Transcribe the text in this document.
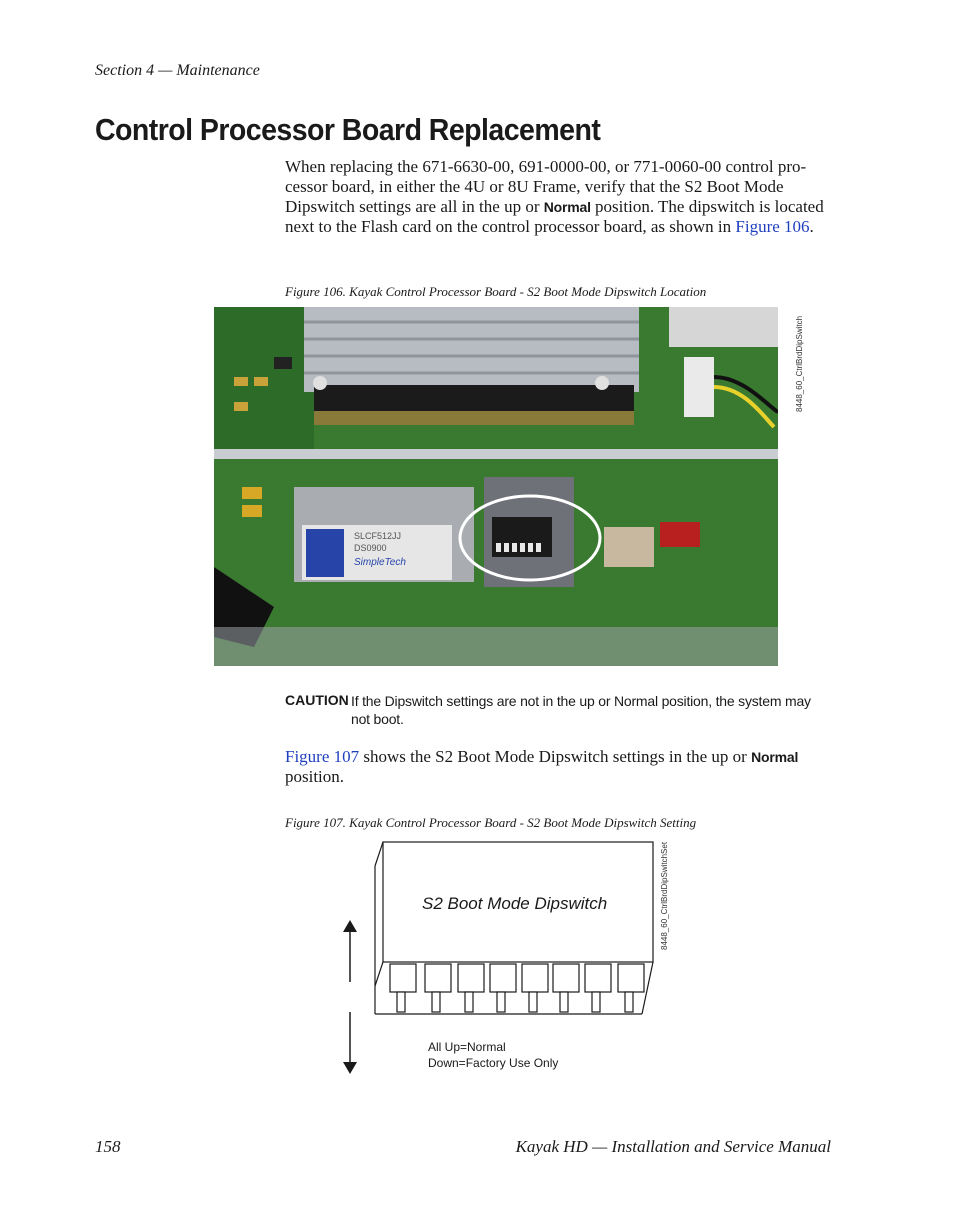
Section 4 — Maintenance
Control Processor Board Replacement

When replacing the 671-6630-00, 691-0000-00, or 771-0060-00 control pro-cessor board, in either the 4U or 8U Frame, verify that the S2 Boot Mode Dipswitch settings are all in the up or Normal position. The dipswitch is located next to the Flash card on the control processor board, as shown in Figure 106.

Figure 106. Kayak Control Processor Board - S2 Boot Mode Dipswitch Location
SLCF512JJ
DS0900
SimpleTech
8448_60_CtrlBrdDipSwitch
CAUTION If the Dipswitch settings are not in the up or Normal position, the system may not boot.

Figure 107 shows the S2 Boot Mode Dipswitch settings in the up or Normal position.

Figure 107. Kayak Control Processor Board - S2 Boot Mode Dipswitch Setting
S2 Boot Mode Dipswitch
All Up=Normal
Down=Factory Use Only
8448_60_CtrlBrdDipSwitchSet
158	Kayak HD — Installation and Service Manual
